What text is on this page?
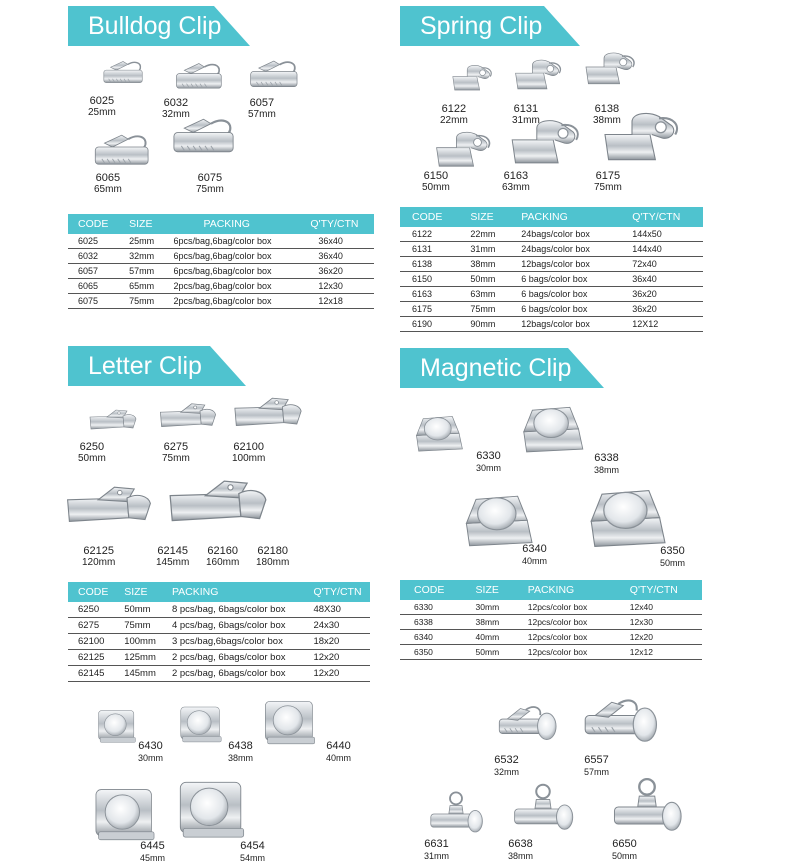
Bulldog Clip
6025
25mm
6032
32mm
6057
57mm
6065
65mm
6075
75mm
CODE	SIZE	PACKING	Q'TY/CTN
6025	25mm	6pcs/bag,6bag/color box	36x40
6032	32mm	6pcs/bag,6bag/color box	36x40
6057	57mm	6pcs/bag,6bag/color box	36x20
6065	65mm	2pcs/bag,6bag/color box	12x30
6075	75mm	2pcs/bag,6bag/color box	12x18
Spring Clip
6122
22mm
6131
31mm
6138
38mm
6150
50mm
6163
63mm
6175
75mm
CODE	SIZE	PACKING	Q'TY/CTN
6122	22mm	24bags/color box	144x50
6131	31mm	24bags/color box	144x40
6138	38mm	12bags/color box	72x40
6150	50mm	6 bags/color box	36x40
6163	63mm	6 bags/color box	36x20
6175	75mm	6 bags/color box	36x20
6190	90mm	12bags/color box	12X12
Letter Clip
6250
50mm
6275
75mm
62100
100mm
62125
120mm
62145
145mm
62160
160mm
62180
180mm
CODE	SIZE	PACKING	Q'TY/CTN
6250	50mm	8 pcs/bag, 6bags/color box	48X30
6275	75mm	4 pcs/bag, 6bags/color box	24x30
62100	100mm	3 pcs/bag,6bags/color box	18x20
62125	125mm	2 pcs/bag, 6bags/color box	12x20
62145	145mm	2 pcs/bag, 6bags/color box	12x20
Magnetic Clip
6330
30mm
6338
38mm
6340
40mm
6350
50mm
CODE	SIZE	PACKING	Q'TY/CTN
6330	30mm	12pcs/color box	12x40
6338	38mm	12pcs/color box	12x30
6340	40mm	12pcs/color box	12x20
6350	50mm	12pcs/color box	12x12
6430
30mm
6438
38mm
6440
40mm
6445
45mm
6454
54mm
6532
32mm
6557
57mm
6631
31mm
6638
38mm
6650
50mm
